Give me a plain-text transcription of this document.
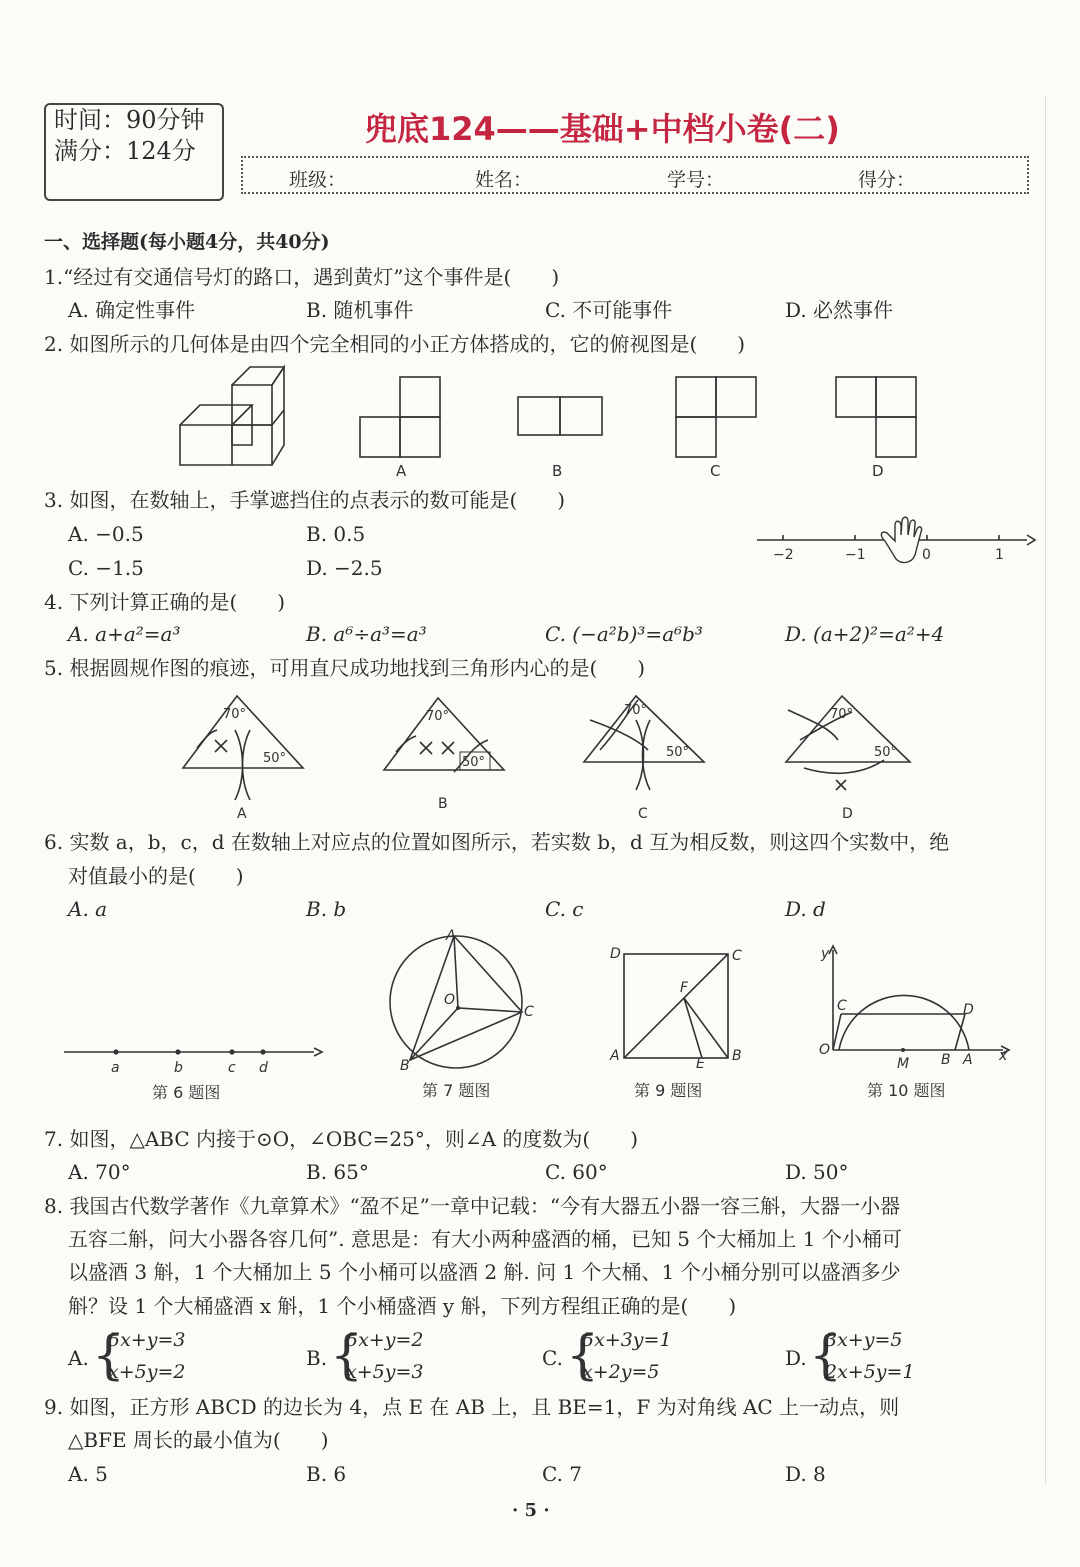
时间：90分钟
满分：124分
兜底124——基础+中档小卷(二)
班级：	姓名：	学号：	得分：
一、选择题(每小题4分，共40分)
1.“经过有交通信号灯的路口，遇到黄灯”这个事件是(　　)
A. 确定性事件	B. 随机事件	C. 不可能事件	D. 必然事件
2. 如图所示的几何体是由四个完全相同的小正方体搭成的，它的俯视图是(　　)
A	B	C	D
3. 如图，在数轴上，手掌遮挡住的点表示的数可能是(　　)
A. −0.5	B. 0.5
C. −1.5	D. −2.5
−2	−1	0	1
4. 下列计算正确的是(　　)
A. a+a²=a³	B. a⁶÷a³=a³	C. (−a²b)³=a⁶b³	D. (a+2)²=a²+4
5. 根据圆规作图的痕迹，可用直尺成功地找到三角形内心的是(　　)
70°
50°
A
70°
50°
B
70°
50°
C
70°
50°
D
6. 实数 a，b，c，d 在数轴上对应点的位置如图所示，若实数 b，d 互为相反数，则这四个实数中，绝
对值最小的是(　　)
A. a	B. b	C. c	D. d
a	b	c d
第 6 题图
A
O
C
B
第 7 题图
D	C
F
A	E B
第 9 题图
y
C	D
O
M B A x
第 10 题图
7. 如图，△ABC 内接于⊙O，∠OBC=25°，则∠A 的度数为(　　)
A. 70°	B. 65°	C. 60°	D. 50°
8. 我国古代数学著作《九章算术》“盈不足”一章中记载：“今有大器五小器一容三斛，大器一小器
五容二斛，问大小器各容几何”. 意思是：有大小两种盛酒的桶，已知 5 个大桶加上 1 个小桶可
以盛酒 3 斛，1 个大桶加上 5 个小桶可以盛酒 2 斛. 问 1 个大桶、1 个小桶分别可以盛酒多少
斛？设 1 个大桶盛酒 x 斛，1 个小桶盛酒 y 斛，下列方程组正确的是(　　)
A. {
5x+y=3
x+5y=2
B. {
5x+y=2
x+5y=3
C. {
5x+3y=1
x+2y=5
D. {
3x+y=5
2x+5y=1
9. 如图，正方形 ABCD 的边长为 4，点 E 在 AB 上，且 BE=1，F 为对角线 AC 上一动点，则
△BFE 周长的最小值为(　　)
A. 5	B. 6	C. 7	D. 8
· 5 ·
